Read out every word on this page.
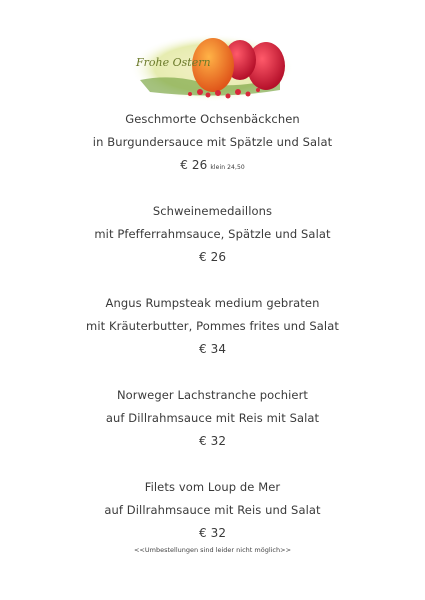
Frohe Ostern
Geschmorte Ochsenbäckchen
in Burgundersauce mit Spätzle und Salat
€ 26 klein 24,50
Schweinemedaillons
mit Pfefferrahmsauce, Spätzle und Salat
€ 26
Angus Rumpsteak medium gebraten
mit Kräuterbutter, Pommes frites und Salat
€ 34
Norweger Lachstranche pochiert
auf Dillrahmsauce mit Reis mit Salat
€ 32
Filets vom Loup de Mer
auf Dillrahmsauce mit Reis und Salat
€ 32
<<Umbestellungen sind leider nicht möglich>>
